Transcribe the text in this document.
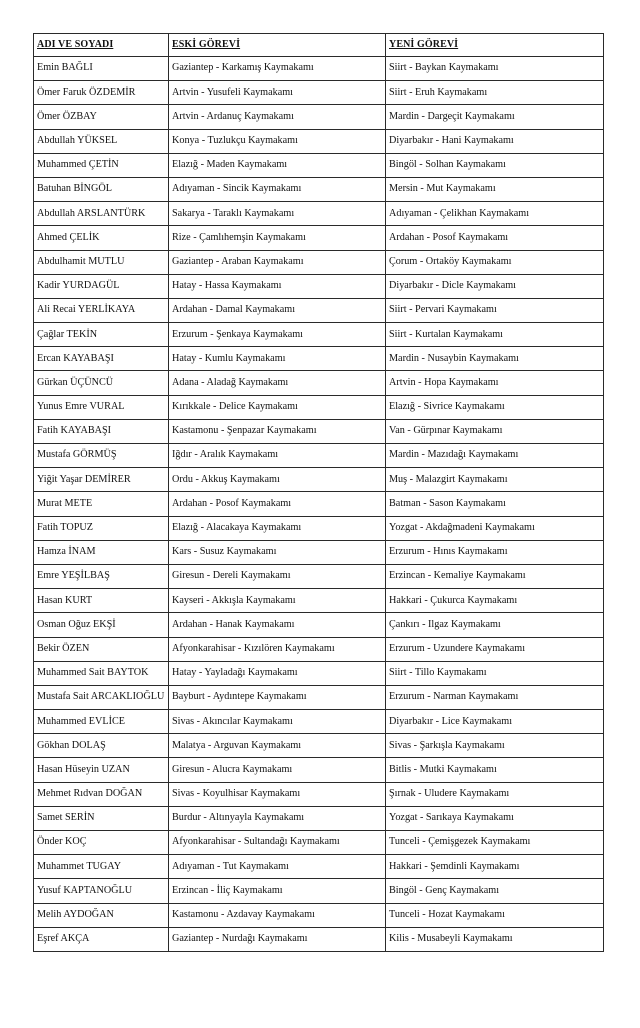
ADI VE SOYADI	ESKİ GÖREVİ	YENİ GÖREVİ
Emin BAĞLI	Gaziantep - Karkamış Kaymakamı	Siirt - Baykan Kaymakamı
Ömer Faruk ÖZDEMİR	Artvin - Yusufeli Kaymakamı	Siirt - Eruh Kaymakamı
Ömer ÖZBAY	Artvin - Ardanuç Kaymakamı	Mardin - Dargeçit Kaymakamı
Abdullah YÜKSEL	Konya - Tuzlukçu Kaymakamı	Diyarbakır - Hani Kaymakamı
Muhammed ÇETİN	Elazığ - Maden Kaymakamı	Bingöl - Solhan Kaymakamı
Batuhan BİNGÖL	Adıyaman - Sincik Kaymakamı	Mersin - Mut Kaymakamı
Abdullah ARSLANTÜRK	Sakarya - Taraklı Kaymakamı	Adıyaman - Çelikhan Kaymakamı
Ahmed ÇELİK	Rize - Çamlıhemşin Kaymakamı	Ardahan - Posof Kaymakamı
Abdulhamit MUTLU	Gaziantep - Araban Kaymakamı	Çorum - Ortaköy Kaymakamı
Kadir YURDAGÜL	Hatay - Hassa Kaymakamı	Diyarbakır - Dicle Kaymakamı
Ali Recai YERLİKAYA	Ardahan - Damal Kaymakamı	Siirt - Pervari Kaymakamı
Çağlar TEKİN	Erzurum - Şenkaya Kaymakamı	Siirt - Kurtalan Kaymakamı
Ercan KAYABAŞI	Hatay - Kumlu Kaymakamı	Mardin - Nusaybin Kaymakamı
Gürkan ÜÇÜNCÜ	Adana - Aladağ Kaymakamı	Artvin - Hopa Kaymakamı
Yunus Emre VURAL	Kırıkkale - Delice Kaymakamı	Elazığ - Sivrice Kaymakamı
Fatih KAYABAŞI	Kastamonu - Şenpazar Kaymakamı	Van - Gürpınar Kaymakamı
Mustafa GÖRMÜŞ	Iğdır - Aralık Kaymakamı	Mardin - Mazıdağı Kaymakamı
Yiğit Yaşar DEMİRER	Ordu - Akkuş Kaymakamı	Muş - Malazgirt Kaymakamı
Murat METE	Ardahan - Posof Kaymakamı	Batman - Sason Kaymakamı
Fatih TOPUZ	Elazığ - Alacakaya Kaymakamı	Yozgat - Akdağmadeni Kaymakamı
Hamza İNAM	Kars - Susuz Kaymakamı	Erzurum - Hınıs Kaymakamı
Emre YEŞİLBAŞ	Giresun - Dereli Kaymakamı	Erzincan - Kemaliye Kaymakamı
Hasan KURT	Kayseri - Akkışla Kaymakamı	Hakkari - Çukurca Kaymakamı
Osman Oğuz EKŞİ	Ardahan - Hanak Kaymakamı	Çankırı - Ilgaz Kaymakamı
Bekir ÖZEN	Afyonkarahisar - Kızılören Kaymakamı	Erzurum - Uzundere Kaymakamı
Muhammed Sait BAYTOK	Hatay - Yayladağı Kaymakamı	Siirt - Tillo Kaymakamı
Mustafa Sait ARCAKLIOĞLU	Bayburt - Aydıntepe Kaymakamı	Erzurum - Narman Kaymakamı
Muhammed EVLİCE	Sivas - Akıncılar Kaymakamı	Diyarbakır - Lice Kaymakamı
Gökhan DOLAŞ	Malatya - Arguvan Kaymakamı	Sivas - Şarkışla Kaymakamı
Hasan Hüseyin UZAN	Giresun - Alucra Kaymakamı	Bitlis - Mutki Kaymakamı
Mehmet Rıdvan DOĞAN	Sivas - Koyulhisar Kaymakamı	Şırnak - Uludere Kaymakamı
Samet SERİN	Burdur - Altınyayla Kaymakamı	Yozgat - Sarıkaya Kaymakamı
Önder KOÇ	Afyonkarahisar - Sultandağı Kaymakamı	Tunceli - Çemişgezek Kaymakamı
Muhammet TUGAY	Adıyaman - Tut Kaymakamı	Hakkari - Şemdinli Kaymakamı
Yusuf KAPTANOĞLU	Erzincan - İliç Kaymakamı	Bingöl - Genç Kaymakamı
Melih AYDOĞAN	Kastamonu - Azdavay Kaymakamı	Tunceli - Hozat Kaymakamı
Eşref AKÇA	Gaziantep - Nurdağı Kaymakamı	Kilis - Musabeyli Kaymakamı
